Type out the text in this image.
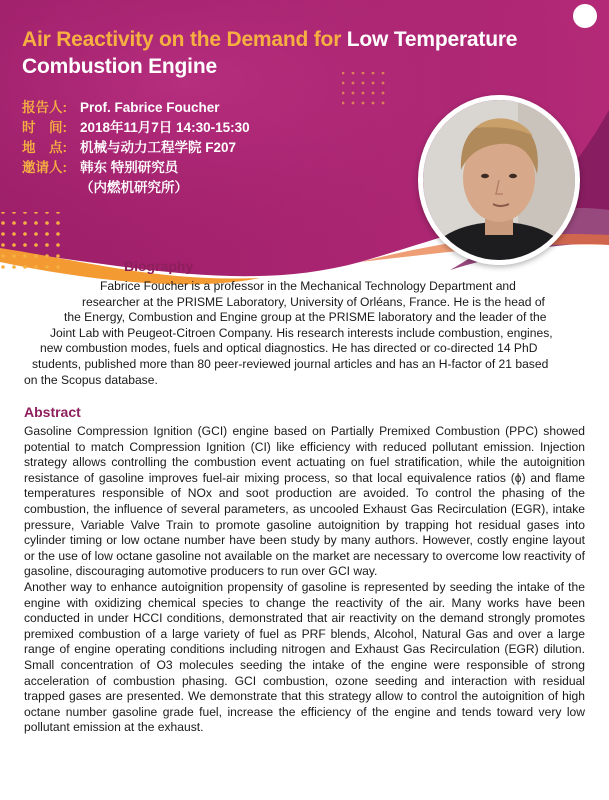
Air Reactivity on the Demand for Low Temperature Combustion Engine
报告人: Prof. Fabrice Foucher
时　间: 2018年11月7日 14:30-15:30
地　点: 机械与动力工程学院 F207
邀请人: 韩东 特别研究员
（内燃机研究所）
Biography
Fabrice Foucher is a professor in the Mechanical Technology Department and
researcher at the PRISME Laboratory, University of Orléans, France. He is the head of
the Energy, Combustion and Engine group at the PRISME laboratory and the leader of the
Joint Lab with Peugeot-Citroen Company. His research interests include combustion, engines,
new combustion modes, fuels and optical diagnostics. He has directed or co-directed 14 PhD
students, published more than 80 peer-reviewed journal articles and has an H-factor of 21 based
on the Scopus database.
Abstract

Gasoline Compression Ignition (GCI) engine based on Partially Premixed Combustion (PPC) showed potential to match Compression Ignition (CI) like efficiency with reduced pollutant emission. Injection strategy allows controlling the combustion event actuating on fuel stratification, while the autoignition resistance of gasoline improves fuel-air mixing process, so that local equivalence ratios (ϕ) and flame temperatures responsible of NOx and soot production are avoided. To control the phasing of the combustion, the influence of several parameters, as uncooled Exhaust Gas Recirculation (EGR), intake pressure, Variable Valve Train to promote gasoline autoignition by trapping hot residual gases into cylinder timing or low octane number have been study by many authors. However, costly engine layout or the use of low octane gasoline not available on the market are necessary to overcome low reactivity of gasoline, discouraging automotive producers to run over GCI way.

Another way to enhance autoignition propensity of gasoline is represented by seeding the intake of the engine with oxidizing chemical species to change the reactivity of the air. Many works have been conducted in under HCCI conditions, demonstrated that air reactivity on the demand strongly promotes premixed combustion of a large variety of fuel as PRF blends, Alcohol, Natural Gas and over a large range of engine operating conditions including nitrogen and Exhaust Gas Recirculation (EGR) dilution. Small concentration of O3 molecules seeding the intake of the engine were responsible of strong acceleration of combustion phasing. GCI combustion, ozone seeding and interaction with residual trapped gases are presented. We demonstrate that this strategy allow to control the autoignition of high octane number gasoline grade fuel, increase the efficiency of the engine and tends toward very low pollutant emission at the exhaust.
